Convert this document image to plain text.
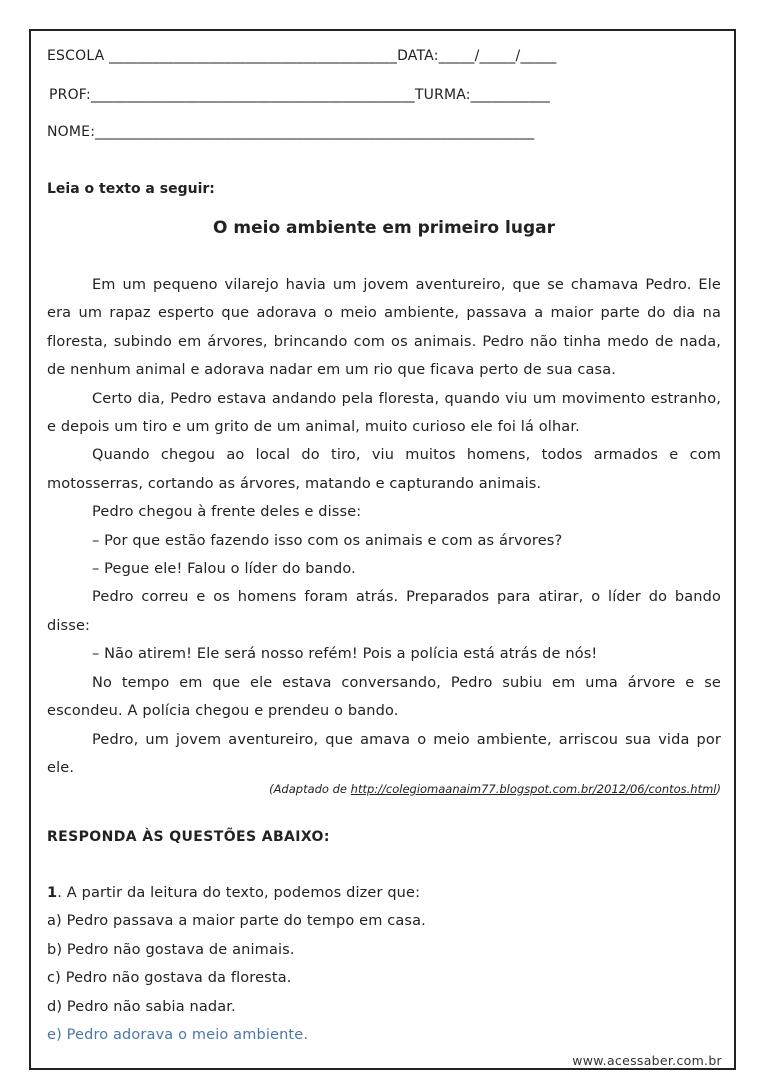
ESCOLA ________________________________________DATA:_____/_____/_____
PROF:_____________________________________________TURMA:___________
NOME:_____________________________________________________________
Leia o texto a seguir:
O meio ambiente em primeiro lugar

Em um pequeno vilarejo havia um jovem aventureiro, que se chamava Pedro. Ele era um rapaz esperto que adorava o meio ambiente, passava a maior parte do dia na floresta, subindo em árvores, brincando com os animais. Pedro não tinha medo de nada, de nenhum animal e adorava nadar em um rio que ficava perto de sua casa.

Certo dia, Pedro estava andando pela floresta, quando viu um movimento estranho, e depois um tiro e um grito de um animal, muito curioso ele foi lá olhar.

Quando chegou ao local do tiro, viu muitos homens, todos armados e com motosserras, cortando as árvores, matando e capturando animais.

Pedro chegou à frente deles e disse:

– Por que estão fazendo isso com os animais e com as árvores?

– Pegue ele! Falou o líder do bando.

Pedro correu e os homens foram atrás. Preparados para atirar, o líder do bando disse:

– Não atirem! Ele será nosso refém! Pois a polícia está atrás de nós!

No tempo em que ele estava conversando, Pedro subiu em uma árvore e se escondeu. A polícia chegou e prendeu o bando.

Pedro, um jovem aventureiro, que amava o meio ambiente, arriscou sua vida por ele.

(Adaptado de http://colegiomaanaim77.blogspot.com.br/2012/06/contos.html)
RESPONDA ÀS QUESTÕES ABAIXO:
1. A partir da leitura do texto, podemos dizer que:
a) Pedro passava a maior parte do tempo em casa.
b) Pedro não gostava de animais.
c) Pedro não gostava da floresta.
d) Pedro não sabia nadar.
e) Pedro adorava o meio ambiente.
www.acessaber.com.br
